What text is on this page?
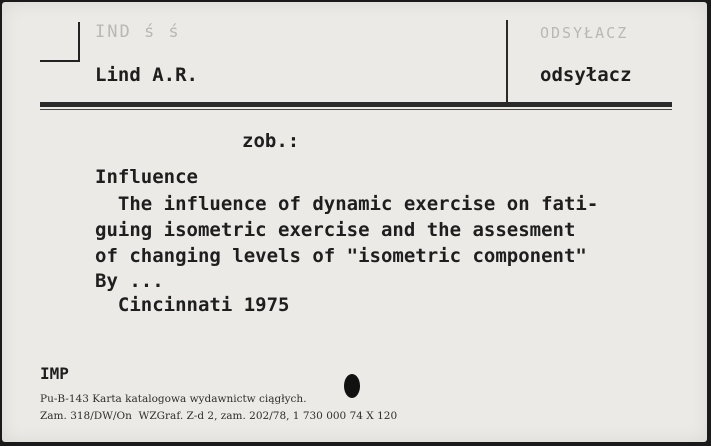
IND ś ś
Lind A.R.
ODSYŁACZ
odsyłacz
zob.:
Influence
The influence of dynamic exercise on fati-
guing isometric exercise and the assesment
of changing levels of "isometric component"
By ...
Cincinnati 1975
IMP
Pu-B-143 Karta katalogowa wydawnictw ciągłych.
Zam. 318/DW/On  WZGraf. Z-d 2, zam. 202/78, 1 730 000 74 X 120
